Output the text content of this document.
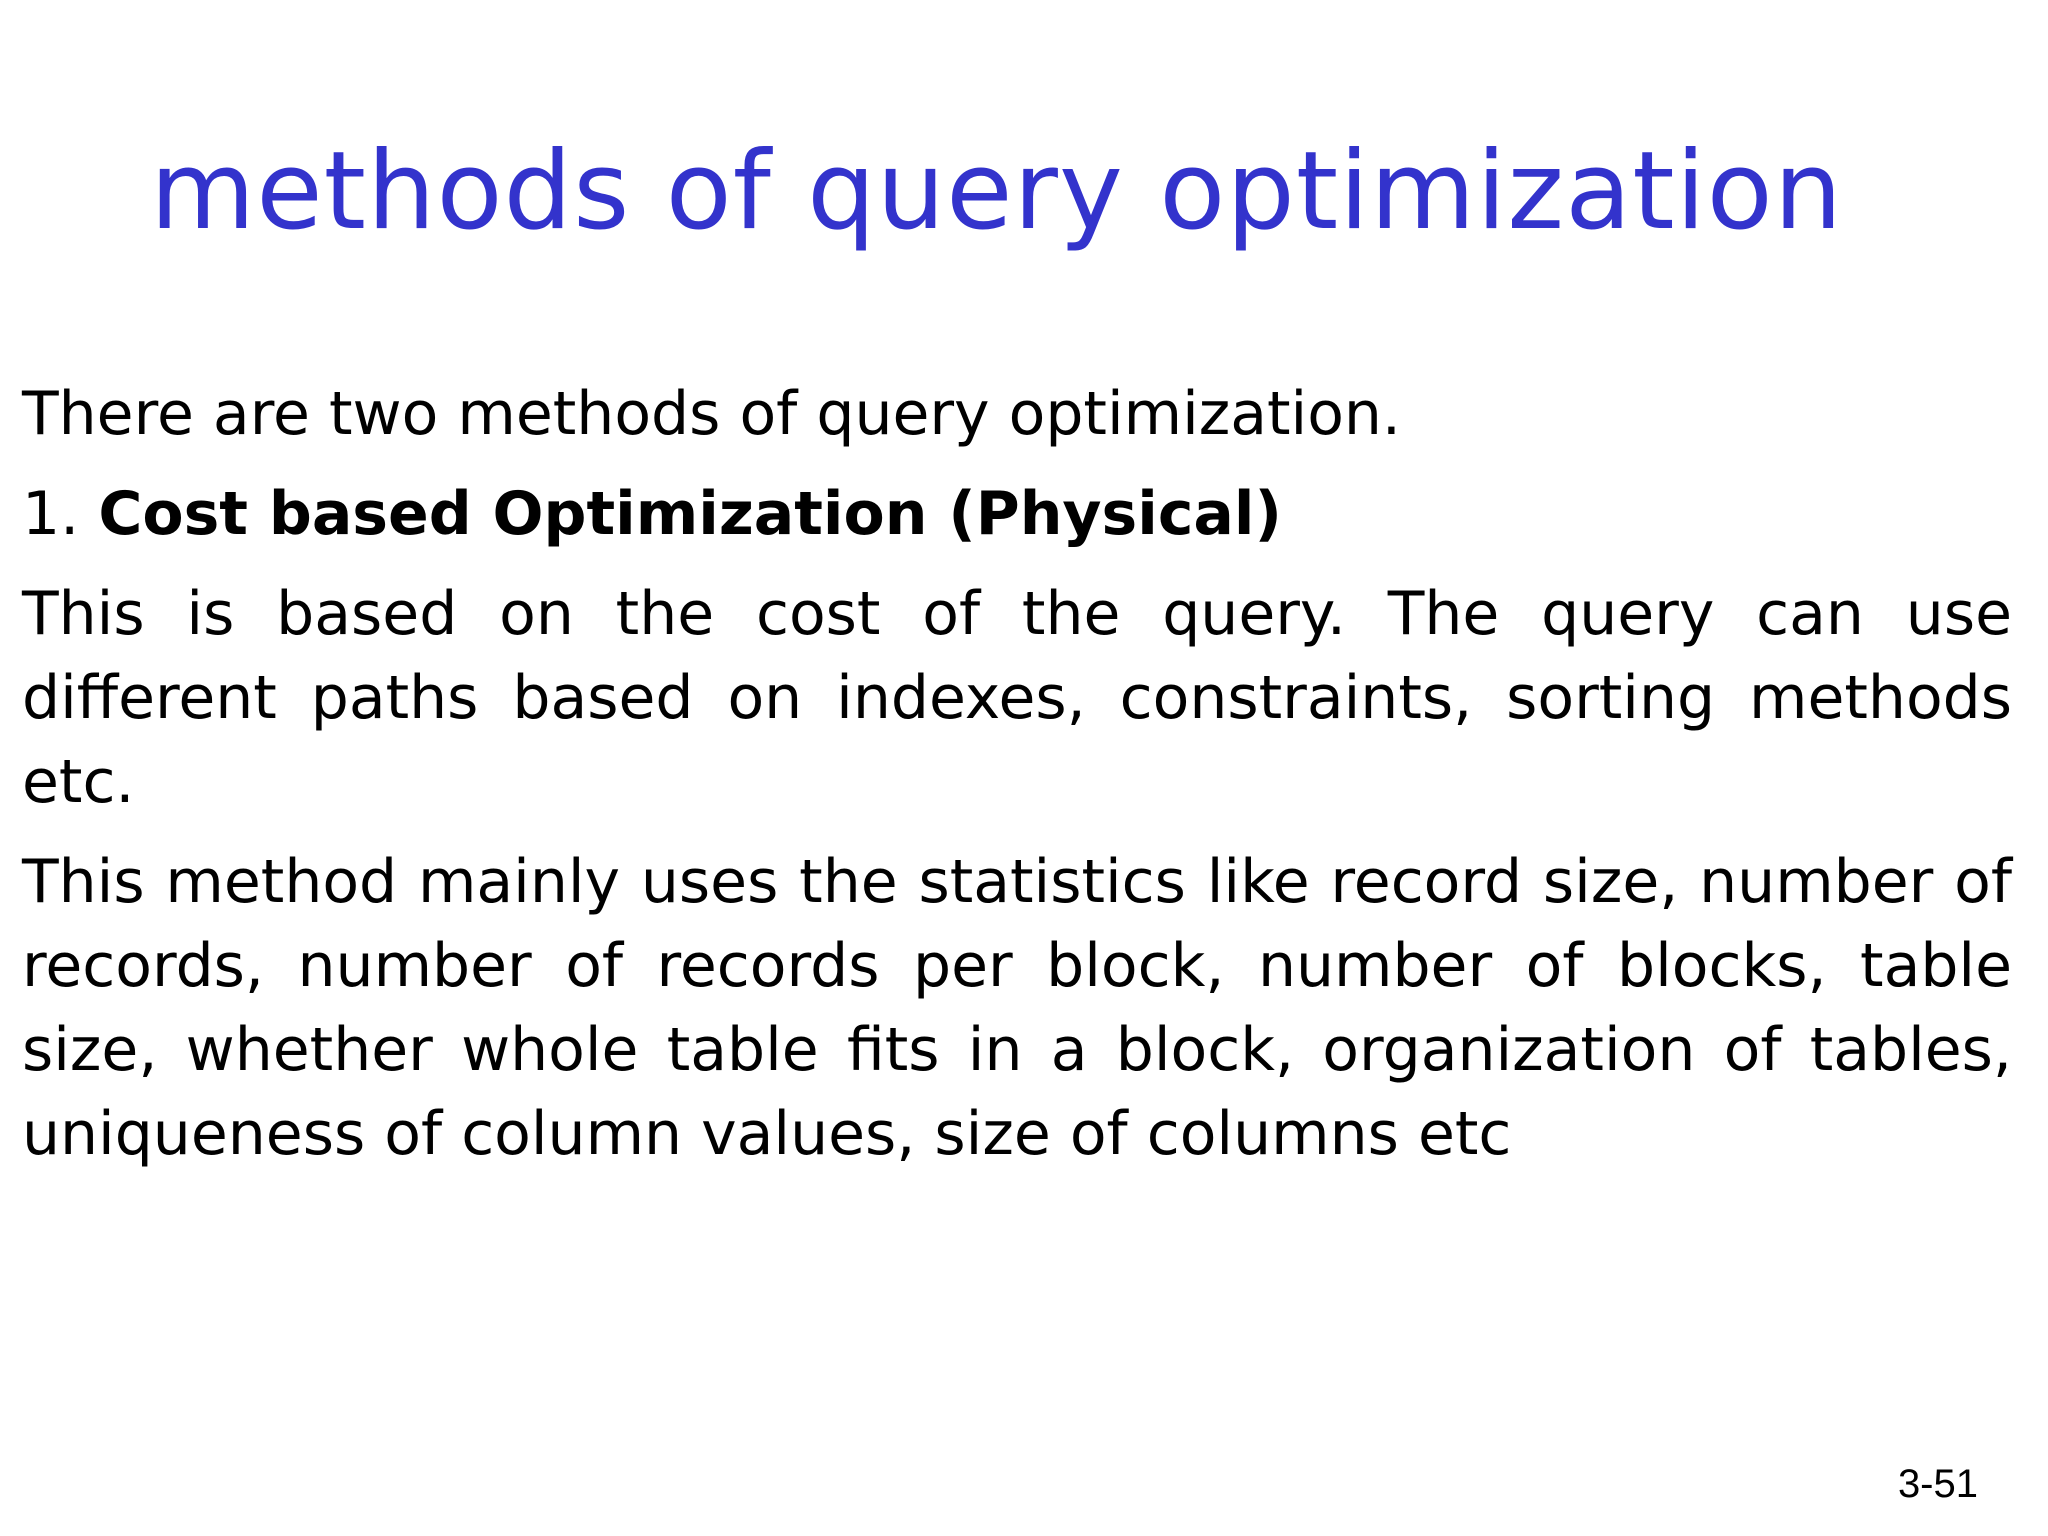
methods of query optimization

There are two methods of query optimization.

1. Cost based Optimization (Physical)

This is based on the cost of the query. The query can use different paths based on indexes, constraints, sorting methods etc.

This method mainly uses the statistics like record size, number of records, number of records per block, number of blocks, table size, whether whole table fits in a block, organization of tables, uniqueness of column values, size of columns etc

3-51
